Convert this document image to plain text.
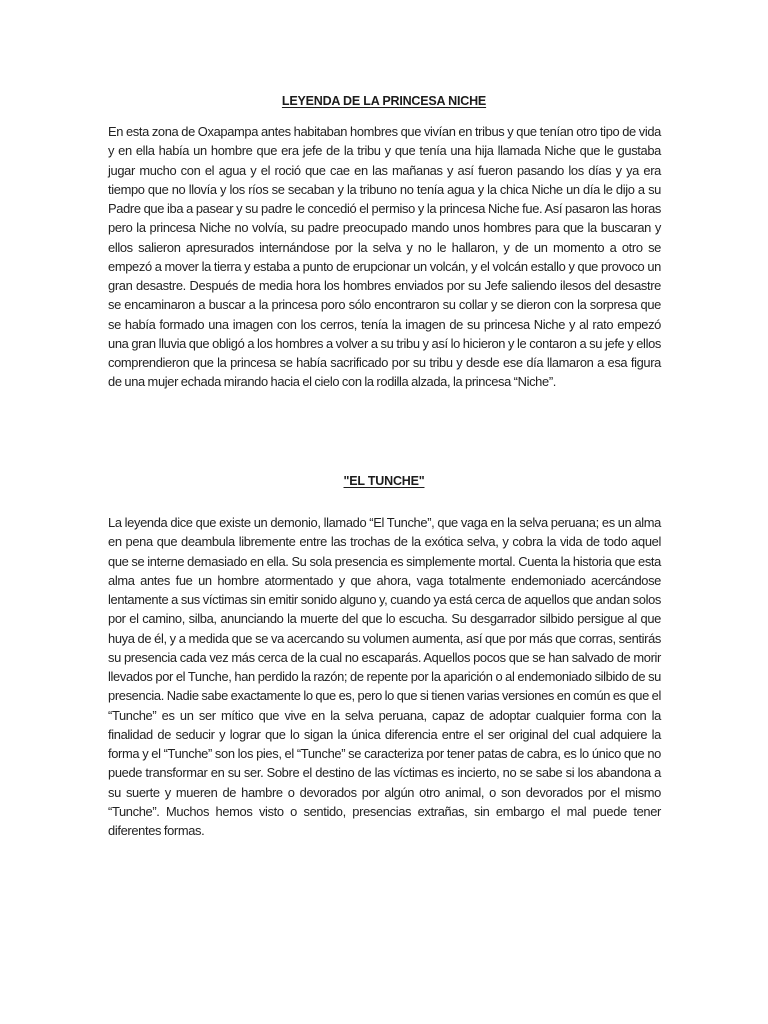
LEYENDA DE LA PRINCESA NICHE

En esta zona de Oxapampa antes habitaban hombres que vivían en tribus y que tenían otro tipo de vida y en ella había un hombre que era jefe de la tribu y que tenía una hija llamada Niche que le gustaba jugar mucho con el agua y el roció que cae en las mañanas y así fueron pasando los días y ya era tiempo que no llovía y los ríos se secaban y la tribuno no tenía agua y la chica Niche un día le dijo a su Padre que iba a pasear y su padre le concedió el permiso y la princesa Niche fue. Así pasaron las horas pero la princesa Niche no volvía, su padre preocupado mando unos hombres para que la buscaran y ellos salieron apresurados internándose por la selva y no le hallaron, y de un momento a otro se empezó a mover la tierra y estaba a punto de erupcionar un volcán, y el volcán estallo y que provoco un gran desastre. Después de media hora los hombres enviados por su Jefe saliendo ilesos del desastre se encaminaron a buscar a la princesa poro sólo encontraron su collar y se dieron con la sorpresa que se había formado una imagen con los cerros, tenía la imagen de su princesa Niche y al rato empezó una gran lluvia que obligó a los hombres a volver a su tribu y así lo hicieron y le contaron a su jefe y ellos comprendieron que la princesa se había sacrificado por su tribu y desde ese día llamaron a esa figura de una mujer echada mirando hacia el cielo con la rodilla alzada, la princesa “Niche”.

"EL TUNCHE"

La leyenda dice que existe un demonio, llamado “El Tunche”, que vaga en la selva peruana; es un alma en pena que deambula libremente entre las trochas de la exótica selva, y cobra la vida de todo aquel que se interne demasiado en ella. Su sola presencia es simplemente mortal. Cuenta la historia que esta alma antes fue un hombre atormentado y que ahora, vaga totalmente endemoniado acercándose lentamente a sus víctimas sin emitir sonido alguno y, cuando ya está cerca de aquellos que andan solos por el camino, silba, anunciando la muerte del que lo escucha. Su desgarrador silbido persigue al que huya de él, y a medida que se va acercando su volumen aumenta, así que por más que corras, sentirás su presencia cada vez más cerca de la cual no escaparás. Aquellos pocos que se han salvado de morir llevados por el Tunche, han perdido la razón; de repente por la aparición o al endemoniado silbido de su presencia. Nadie sabe exactamente lo que es, pero lo que si tienen varias versiones en común es que el “Tunche” es un ser mítico que vive en la selva peruana, capaz de adoptar cualquier forma con la finalidad de seducir y lograr que lo sigan la única diferencia entre el ser original del cual adquiere la forma y el “Tunche” son los pies, el “Tunche” se caracteriza por tener patas de cabra, es lo único que no puede transformar en su ser. Sobre el destino de las víctimas es incierto, no se sabe si los abandona a su suerte y mueren de hambre o devorados por algún otro animal, o son devorados por el mismo “Tunche”. Muchos hemos visto o sentido, presencias extrañas, sin embargo el mal puede tener diferentes formas.
